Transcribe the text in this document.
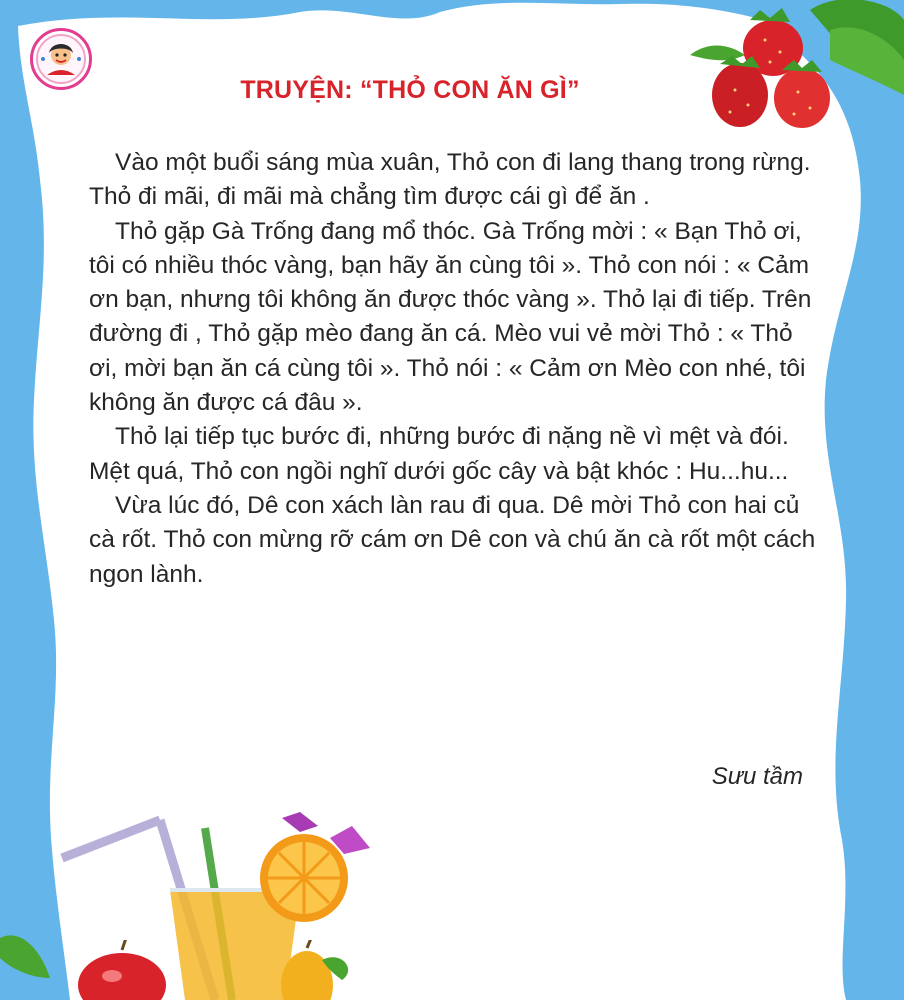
TRUYỆN: “THỎ CON ĂN GÌ”

Vào một buổi sáng mùa xuân, Thỏ con đi lang thang trong rừng. Thỏ đi mãi, đi mãi mà chẳng tìm được cái gì để ăn .

Thỏ gặp Gà Trống đang mổ thóc. Gà Trống mời : « Bạn Thỏ ơi, tôi có nhiều thóc vàng, bạn hãy ăn cùng tôi ». Thỏ con nói : « Cảm ơn bạn, nhưng tôi không ăn được thóc vàng ». Thỏ lại đi tiếp. Trên đường đi , Thỏ gặp mèo đang ăn cá. Mèo vui vẻ mời Thỏ : « Thỏ ơi, mời bạn ăn cá cùng tôi ». Thỏ nói : « Cảm ơn Mèo con nhé, tôi không ăn được cá đâu ».

Thỏ lại tiếp tục bước đi, những bước đi nặng nề vì mệt và đói. Mệt quá, Thỏ con ngồi nghĩ dưới gốc cây và bật khóc : Hu...hu...

Vừa lúc đó, Dê con xách làn rau đi qua. Dê mời Thỏ con hai củ cà rốt. Thỏ con mừng rỡ cám ơn Dê con và chú ăn cà rốt một cách ngon lành.

Sưu tầm
